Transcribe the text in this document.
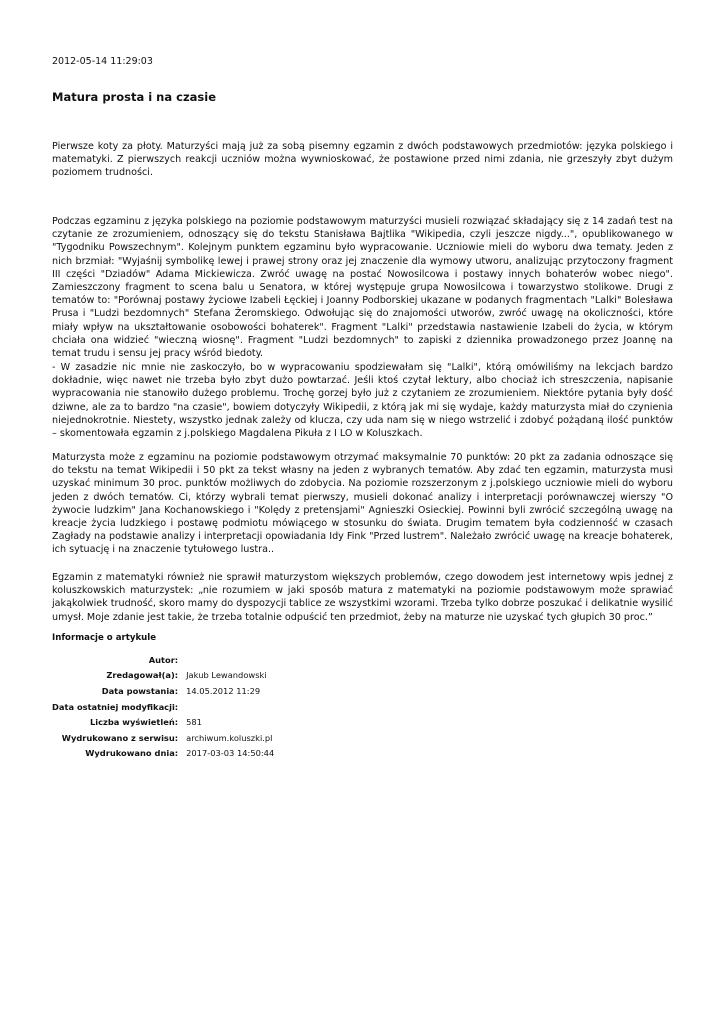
2012-05-14 11:29:03
Matura prosta i na czasie

Pierwsze koty za płoty. Maturzyści mają już za sobą pisemny egzamin z dwóch podstawowych przedmiotów: języka polskiego i matematyki. Z pierwszych reakcji uczniów można wywnioskować, że postawione przed nimi zdania, nie grzeszyły zbyt dużym poziomem trudności.

Podczas egzaminu z języka polskiego na poziomie podstawowym maturzyści musieli rozwiązać składający się z 14 zadań test na czytanie ze zrozumieniem, odnoszący się do tekstu Stanisława Bajtlika "Wikipedia, czyli jeszcze nigdy...", opublikowanego w "Tygodniku Powszechnym". Kolejnym punktem egzaminu było wypracowanie. Uczniowie mieli do wyboru dwa tematy. Jeden z nich brzmiał: "Wyjaśnij symbolikę lewej i prawej strony oraz jej znaczenie dla wymowy utworu, analizując przytoczony fragment III części "Dziadów" Adama Mickiewicza. Zwróć uwagę na postać Nowosilcowa i postawy innych bohaterów wobec niego". Zamieszczony fragment to scena balu u Senatora, w której występuje grupa Nowosilcowa i towarzystwo stolikowe. Drugi z tematów to: "Porównaj postawy życiowe Izabeli Łęckiej i Joanny Podborskiej ukazane w podanych fragmentach "Lalki" Bolesława Prusa i "Ludzi bezdomnych" Stefana Żeromskiego. Odwołując się do znajomości utworów, zwróć uwagę na okoliczności, które miały wpływ na ukształtowanie osobowości bohaterek". Fragment "Lalki" przedstawia nastawienie Izabeli do życia, w którym chciała ona widzieć "wieczną wiosnę". Fragment "Ludzi bezdomnych" to zapiski z dziennika prowadzonego przez Joannę na temat trudu i sensu jej pracy wśród biedoty.

- W zasadzie nic mnie nie zaskoczyło, bo w wypracowaniu spodziewałam się "Lalki", którą omówiliśmy na lekcjach bardzo dokładnie, więc nawet nie trzeba było zbyt dużo powtarzać. Jeśli ktoś czytał lektury, albo chociaż ich streszczenia, napisanie wypracowania nie stanowiło dużego problemu. Trochę gorzej było już z czytaniem ze zrozumieniem. Niektóre pytania były dość dziwne, ale za to bardzo "na czasie", bowiem dotyczyły Wikipedii, z którą jak mi się wydaje, każdy maturzysta miał do czynienia niejednokrotnie. Niestety, wszystko jednak zależy od klucza, czy uda nam się w niego wstrzelić i zdobyć pożądaną ilość punktów – skomentowała egzamin z j.polskiego Magdalena Pikuła z I LO w Koluszkach.

Maturzysta może z egzaminu na poziomie podstawowym otrzymać maksymalnie 70 punktów: 20 pkt za zadania odnoszące się do tekstu na temat Wikipedii i 50 pkt za tekst własny na jeden z wybranych tematów. Aby zdać ten egzamin, maturzysta musi uzyskać minimum 30 proc. punktów możliwych do zdobycia. Na poziomie rozszerzonym z j.polskiego uczniowie mieli do wyboru jeden z dwóch tematów. Ci, którzy wybrali temat pierwszy, musieli dokonać analizy i interpretacji porównawczej wierszy "O żywocie ludzkim" Jana Kochanowskiego i "Kolędy z pretensjami" Agnieszki Osieckiej. Powinni byli zwrócić szczególną uwagę na kreacje życia ludzkiego i postawę podmiotu mówiącego w stosunku do świata. Drugim tematem była codzienność w czasach Zagłady na podstawie analizy i interpretacji opowiadania Idy Fink "Przed lustrem". Należało zwrócić uwagę na kreacje bohaterek, ich sytuację i na znaczenie tytułowego lustra..

Egzamin z matematyki również nie sprawił maturzystom większych problemów, czego dowodem jest internetowy wpis jednej z koluszkowskich maturzystek: „nie rozumiem w jaki sposób matura z matematyki na poziomie podstawowym może sprawiać jakąkolwiek trudność, skoro mamy do dyspozycji tablice ze wszystkimi wzorami. Trzeba tylko dobrze poszukać i delikatnie wysilić umysł. Moje zdanie jest takie, że trzeba totalnie odpuścić ten przedmiot, żeby na maturze nie uzyskać tych głupich 30 proc.”

Informacje o artykule
Autor:	
Zredagował(a):	Jakub Lewandowski
Data powstania:	14.05.2012 11:29
Data ostatniej modyfikacji:	
Liczba wyświetleń:	581
Wydrukowano z serwisu:	archiwum.koluszki.pl
Wydrukowano dnia:	2017-03-03 14:50:44
